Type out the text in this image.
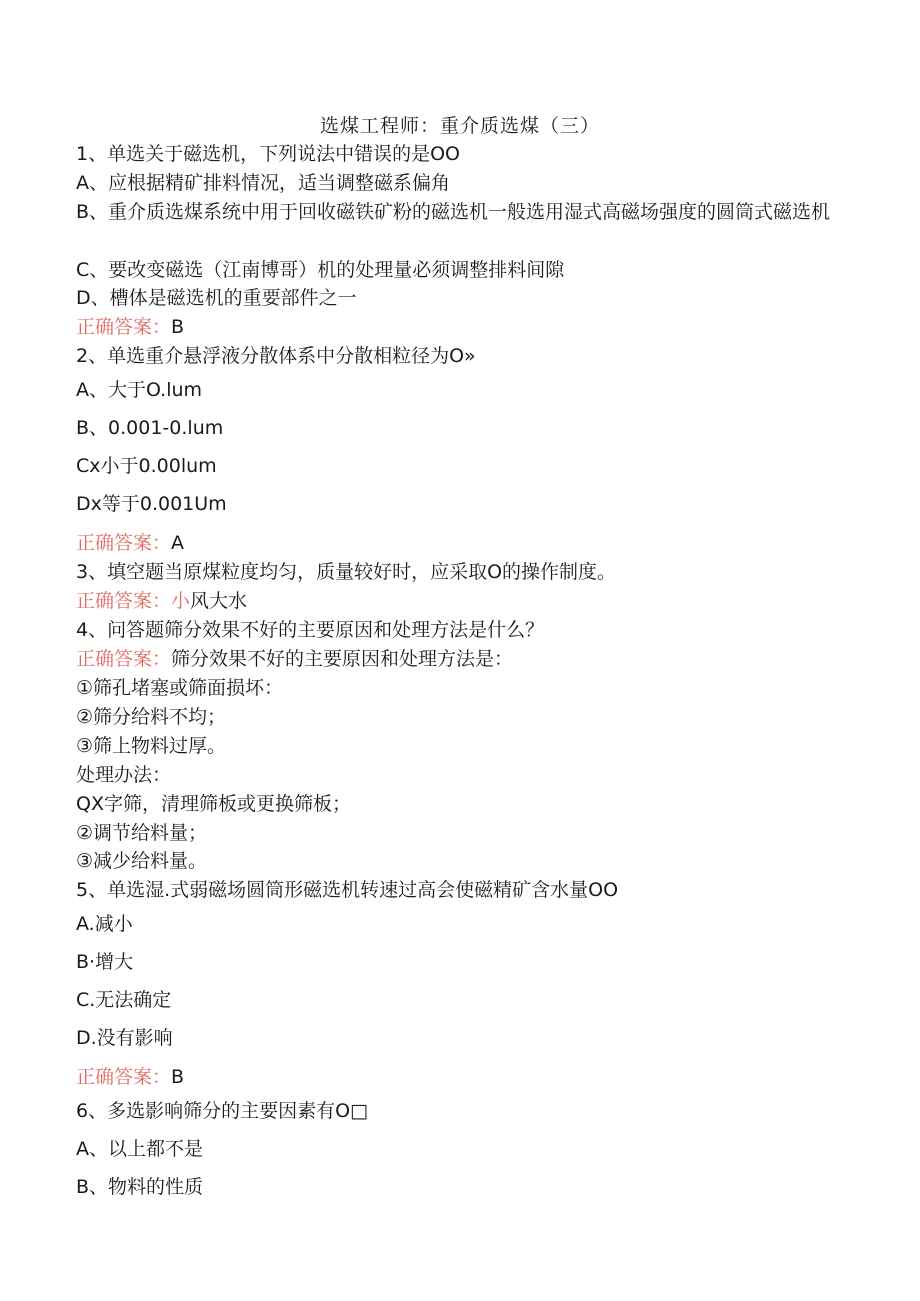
选煤工程师：重介质选煤（三）
1、单选关于磁选机，下列说法中错误的是OO
A、应根据精矿排料情况，适当调整磁系偏角
B、重介质选煤系统中用于回收磁铁矿粉的磁选机一般选用湿式高磁场强度的圆筒式磁选机
C、要改变磁选（江南博哥）机的处理量必须调整排料间隙
D、槽体是磁选机的重要部件之一
正确答案：B
2、单选重介悬浮液分散体系中分散相粒径为O»
A、大于O.lum
B、0.001-0.lum
Cx小于0.00lum
Dx等于0.001Um
正确答案：A
3、填空题当原煤粒度均匀，质量较好时，应采取O的操作制度。
正确答案：小风大水
4、问答题筛分效果不好的主要原因和处理方法是什么？
正确答案：筛分效果不好的主要原因和处理方法是：
①筛孔堵塞或筛面损坏：
②筛分给料不均；
③筛上物料过厚。
处理办法：
QX字筛，清理筛板或更换筛板；
②调节给料量；
③减少给料量。
5、单选湿.式弱磁场圆筒形磁选机转速过高会使磁精矿含水量OO
A.减小
B·增大
C.无法确定
D.没有影响
正确答案：B
6、多选影响筛分的主要因素有O□
A、以上都不是
B、物料的性质
